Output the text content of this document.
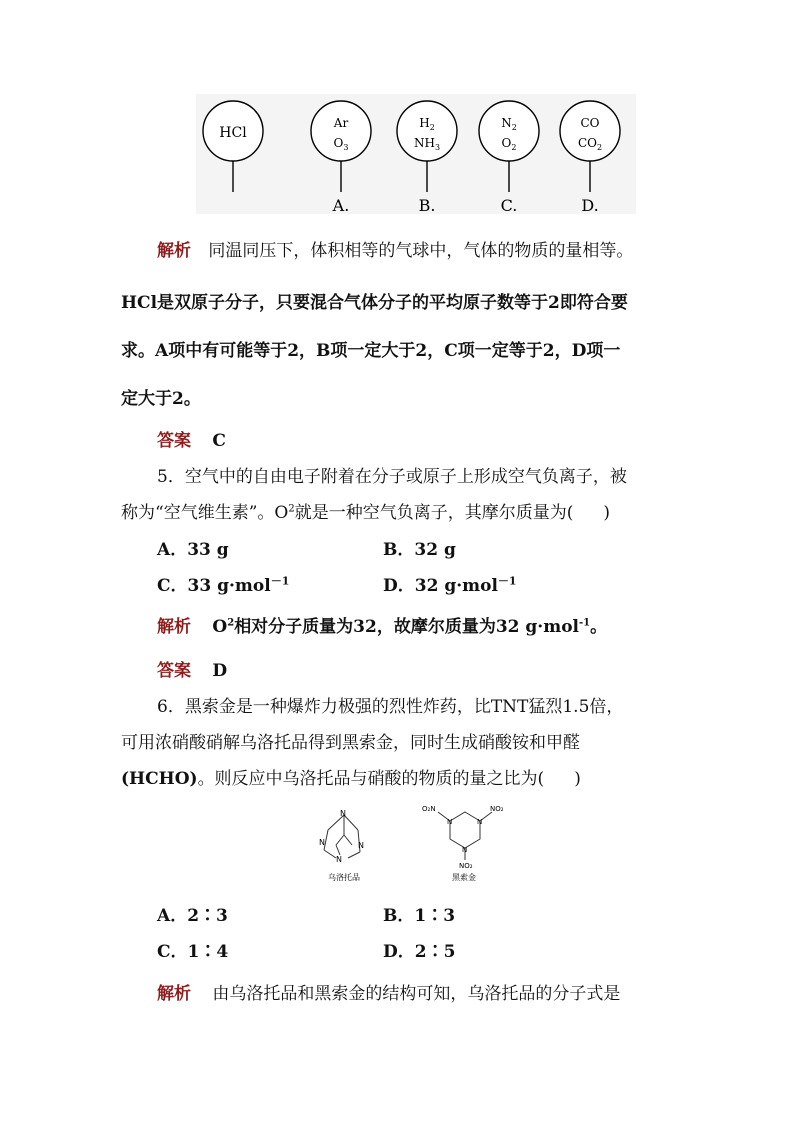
HCl
Ar
$O_3$
A.
$H_2$
$NH_3$
B.
$N_2$
$O_2$
C.
CO
$CO_2$
D.
解析 同温同压下，体积相等的气球中，气体的物质的量相等。
HCl是双原子分子，只要混合气体分子的平均原子数等于2即符合要
求。A项中有可能等于2，B项一定大于2，C项一定等于2，D项一
定大于2。
答案 C
5．空气中的自由电子附着在分子或原子上形成空气负离子，被
称为“空气维生素”。$O^2$就是一种空气负离子，其摩尔质量为( )
A．33 g	B．32 g
C．33 g·mol$^{-1}$	D．32 g·mol$^{-1}$
解析 $O^2$相对分子质量为32，故摩尔质量为32 g·mol$^{-1}$。
答案 D
6．黑索金是一种爆炸力极强的烈性炸药，比TNT猛烈1.5倍，
可用浓硝酸硝解乌洛托品得到黑索金，同时生成硝酸铵和甲醛
(HCHO)。则反应中乌洛托品与硝酸的物质的量之比为( )
N
N	N
N
乌洛托品
O₂N	NO₂
NO₂
N	N
N
黑索金
A．2∶3	B．1∶3
C．1∶4	D．2∶5
解析 由乌洛托品和黑索金的结构可知，乌洛托品的分子式是
